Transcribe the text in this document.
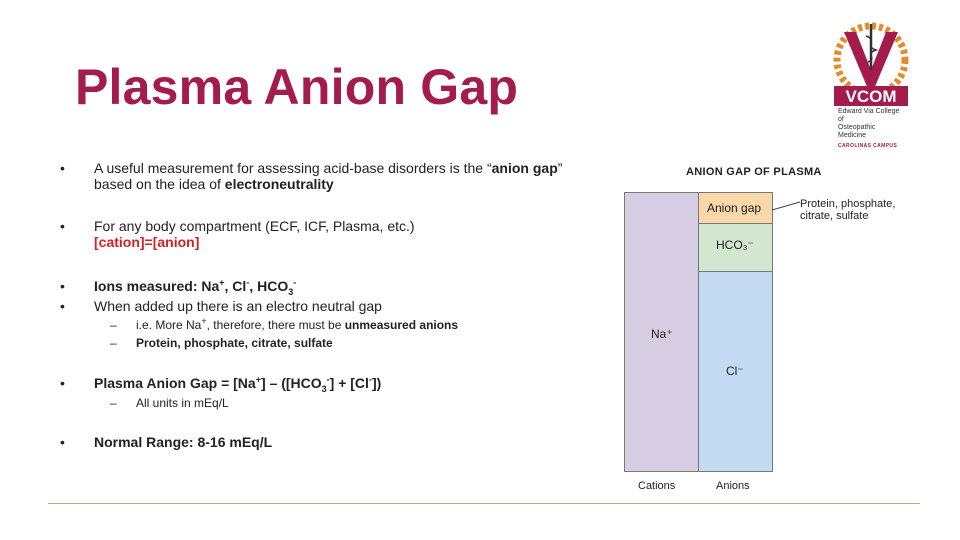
Plasma Anion Gap	VCOM
Edward Via College of
Osteopathic Medicine
CAROLINAS CAMPUS
• A useful measurement for assessing acid-base disorders is the “anion gap” based on the idea of electroneutrality
• For any body compartment (ECF, ICF, Plasma, etc.)
[cation]=[anion]
• Ions measured: Na+, Cl-, $HCO_3^-$
• When added up there is an electro neutral gap
– i.e. More Na+, therefore, there must be unmeasured anions
– Protein, phosphate, citrate, sulfate
• Plasma Anion Gap = $[Na^+] - ([HCO_3^-] + [Cl^-])$
– All units in mEq/L
• Normal Range: 8-16 mEq/L
ANION GAP OF PLASMA
Na⁺
Anion gap
HCO₃⁻
Cl⁻
Protein, phosphate,
citrate, sulfate
Cations	Anions
